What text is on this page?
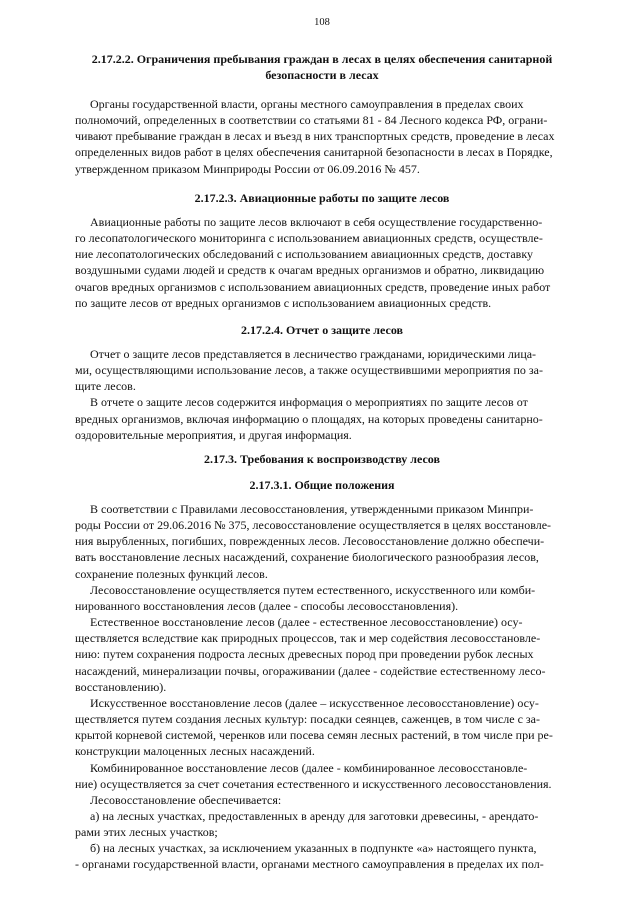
108

2.17.2.2. Ограничения пребывания граждан в лесах в целях обеспечения санитарной
безопасности в лесах

Органы государственной власти, органы местного самоуправления в пределах своих
полномочий, определенных в соответствии со статьями 81 - 84 Лесного кодекса РФ, ограни-
чивают пребывание граждан в лесах и въезд в них транспортных средств, проведение в лесах
определенных видов работ в целях обеспечения санитарной безопасности в лесах в Порядке,
утвержденном приказом Минприроды России от 06.09.2016 № 457.

2.17.2.3. Авиационные работы по защите лесов

Авиационные работы по защите лесов включают в себя осуществление государственно-
го лесопатологического мониторинга с использованием авиационных средств, осуществле-
ние лесопатологических обследований с использованием авиационных средств, доставку
воздушными судами людей и средств к очагам вредных организмов и обратно, ликвидацию
очагов вредных организмов с использованием авиационных средств, проведение иных работ
по защите лесов от вредных организмов с использованием авиационных средств.

2.17.2.4. Отчет о защите лесов

Отчет о защите лесов представляется в лесничество гражданами, юридическими лица-
ми, осуществляющими использование лесов, а также осуществившими мероприятия по за-
щите лесов.

В отчете о защите лесов содержится информация о мероприятиях по защите лесов от
вредных организмов, включая информацию о площадях, на которых проведены санитарно-
оздоровительные мероприятия, и другая информация.

2.17.3. Требования к воспроизводству лесов

2.17.3.1. Общие положения

В соответствии с Правилами лесовосстановления, утвержденными приказом Минпри-
роды России от 29.06.2016 № 375, лесовосстановление осуществляется в целях восстановле-
ния вырубленных, погибших, поврежденных лесов. Лесовосстановление должно обеспечи-
вать восстановление лесных насаждений, сохранение биологического разнообразия лесов,
сохранение полезных функций лесов.

Лесовосстановление осуществляется путем естественного, искусственного или комби-
нированного восстановления лесов (далее - способы лесовосстановления).

Естественное восстановление лесов (далее - естественное лесовосстановление) осу-
ществляется вследствие как природных процессов, так и мер содействия лесовосстановле-
нию: путем сохранения подроста лесных древесных пород при проведении рубок лесных
насаждений, минерализации почвы, огораживании (далее - содействие естественному лесо-
восстановлению).

Искусственное восстановление лесов (далее – искусственное лесовосстановление) осу-
ществляется путем создания лесных культур: посадки сеянцев, саженцев, в том числе с за-
крытой корневой системой, черенков или посева семян лесных растений, в том числе при ре-
конструкции малоценных лесных насаждений.

Комбинированное восстановление лесов (далее - комбинированное лесовосстановле-
ние) осуществляется за счет сочетания естественного и искусственного лесовосстановления.

Лесовосстановление обеспечивается:

а) на лесных участках, предоставленных в аренду для заготовки древесины, - арендато-
рами этих лесных участков;

б) на лесных участках, за исключением указанных в подпункте «а» настоящего пункта,
- органами государственной власти, органами местного самоуправления в пределах их пол-
